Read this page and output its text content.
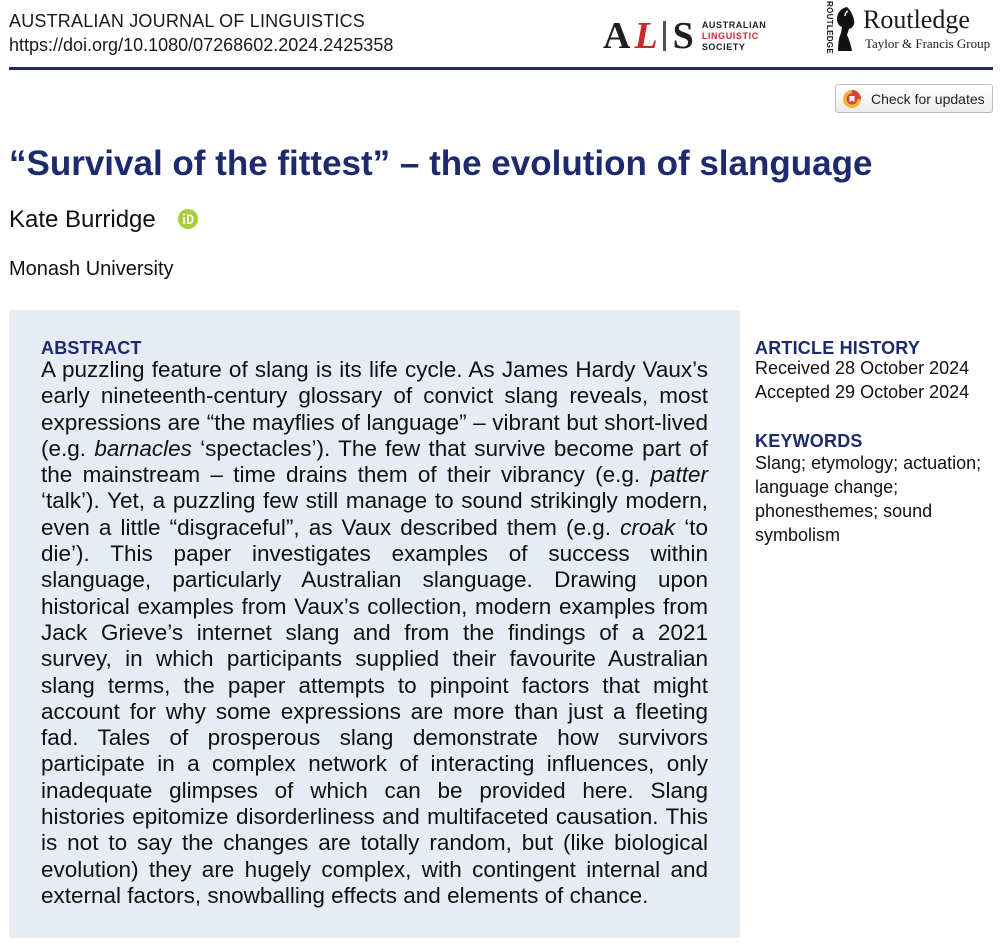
AUSTRALIAN JOURNAL OF LINGUISTICS
https://doi.org/10.1080/07268602.2024.2425358	A L S AUSTRALIAN
LINGUISTIC
SOCIETY	ROUTLEDGE Routledge
Taylor & Francis Group
Check for updates
“Survival of the fittest” – the evolution of slanguage
Kate Burridge
Monash University
ABSTRACT

A puzzling feature of slang is its life cycle. As James Hardy Vaux’s early nineteenth-century glossary of convict slang reveals, most expressions are “the mayflies of language” – vibrant but short-lived (e.g. barnacles ‘spectacles’). The few that survive become part of the mainstream – time drains them of their vibrancy (e.g. patter ‘talk’). Yet, a puzzling few still manage to sound strikingly modern, even a little “disgraceful”, as Vaux described them (e.g. croak ‘to die’). This paper investigates examples of success within slanguage, particularly Australian slanguage. Drawing upon historical examples from Vaux’s collection, modern examples from Jack Grieve’s internet slang and from the findings of a 2021 survey, in which participants supplied their favourite Australian slang terms, the paper attempts to pinpoint factors that might account for why some expressions are more than just a fleeting fad. Tales of prosperous slang demonstrate how survivors participate in a complex network of interacting influences, only inadequate glimpses of which can be provided here. Slang histories epitomize disorderliness and multifaceted causation. This is not to say the changes are totally random, but (like biological evolution) they are hugely complex, with contingent internal and external factors, snowballing effects and elements of chance.

ARTICLE HISTORY
Received 28 October 2024
Accepted 29 October 2024
KEYWORDS
Slang; etymology; actuation; language change; phonesthemes; sound symbolism
